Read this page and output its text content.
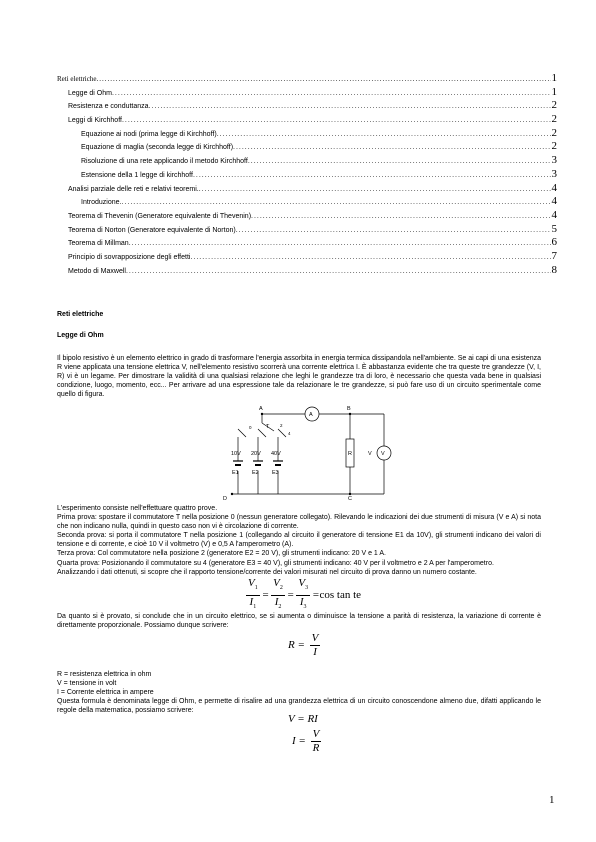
Reti elettriche .....	1
Legge di Ohm .....	1
Resistenza e conduttanza .....	2
Leggi di Kirchhoff .....	2
Equazione ai nodi (prima legge di Kirchhoff) .....	2
Equazione di maglia (seconda legge di Kirchhoff) .....	2
Risoluzione di una rete applicando il metodo Kirchhoff .....	3
Estensione della 1 legge di kirchhoff .....	3
Analisi parziale delle reti e relativi teoremi. .....	4
Introduzione. .....	4
Teorema di Thevenin (Generatore equivalente di Thevenin) .....	4
Teorema di Norton (Generatore equivalente di Norton) .....	5
Teorema di Millman .....	6
Principio di sovrapposizione degli effetti .....	7
Metodo di Maxwell .....	8
Reti elettriche
Legge di Ohm
Il bipolo resistivo è un elemento elettrico in grado di trasformare l'energia assorbita in energia termica dissipandola nell'ambiente. Se ai capi di una esistenza R viene applicata una tensione elettrica V, nell'elemento resistivo scorrerà una corrente elettrica I. È abbastanza evidente che tra queste tre grandezze (V, I, R) vi è un legame. Per dimostrare la validità di una qualsiasi relazione che leghi le grandezze tra di loro, è necessario che questa vada bene in qualsiasi condizione, luogo, momento, ecc... Per arrivare ad una espressione tale da relazionare le tre grandezze, si può fare uso di un circuito sperimentale come quello di figura.
A	B
C
D
T
A
V
R	V
10V
E1
20V
E2
40V
E3
0	2
4
L'esperimento consiste nell'effettuare quattro prove.
Prima prova: spostare il commutatore T nella posizione 0 (nessun generatore collegato). Rilevando le indicazioni dei due strumenti di misura (V e A) si nota che non indicano nulla, quindi in questo caso non vi è circolazione di corrente.
Seconda prova: si porta il commutatore T nella posizione 1 (collegando al circuito il generatore di tensione E1 da 10V), gli strumenti indicano dei valori di tensione e di corrente, e cioè 10 V il voltmetro (V) e 0,5 A l'amperometro (A).
Terza prova: Col commutatore nella posizione 2 (generatore E2 = 20 V), gli strumenti indicano: 20 V e 1 A.
Quarta prova: Posizionando il commutatore su 4 (generatore E3 = 40 V), gli strumenti indicano: 40 V per il voltmetro e 2 A per l'amperometro.
Analizzando i dati ottenuti, si scopre che il rapporto tensione/corrente dei valori misurati nel circuito di prova danno un numero costante.
$\frac{V_1}{I_1} = \frac{V_2}{I_2} = \frac{V_3}{I_3} =\cos$ tan te
Da quanto si è provato, si conclude che in un circuito elettrico, se si aumenta o diminuisce la tensione a parità di resistenza, la variazione di corrente è direttamente proporzionale. Possiamo dunque scrivere:
$R = \frac{V}{I}$
R = resistenza elettrica in ohm
V = tensione in volt
I = Corrente elettrica in ampere
Questa formula è denominata legge di Ohm, e permette di risalire ad una grandezza elettrica di un circuito conoscendone almeno due, difatti applicando le regole della matematica, possiamo scrivere:
V = RI
$I = \frac{V}{R}$
1
